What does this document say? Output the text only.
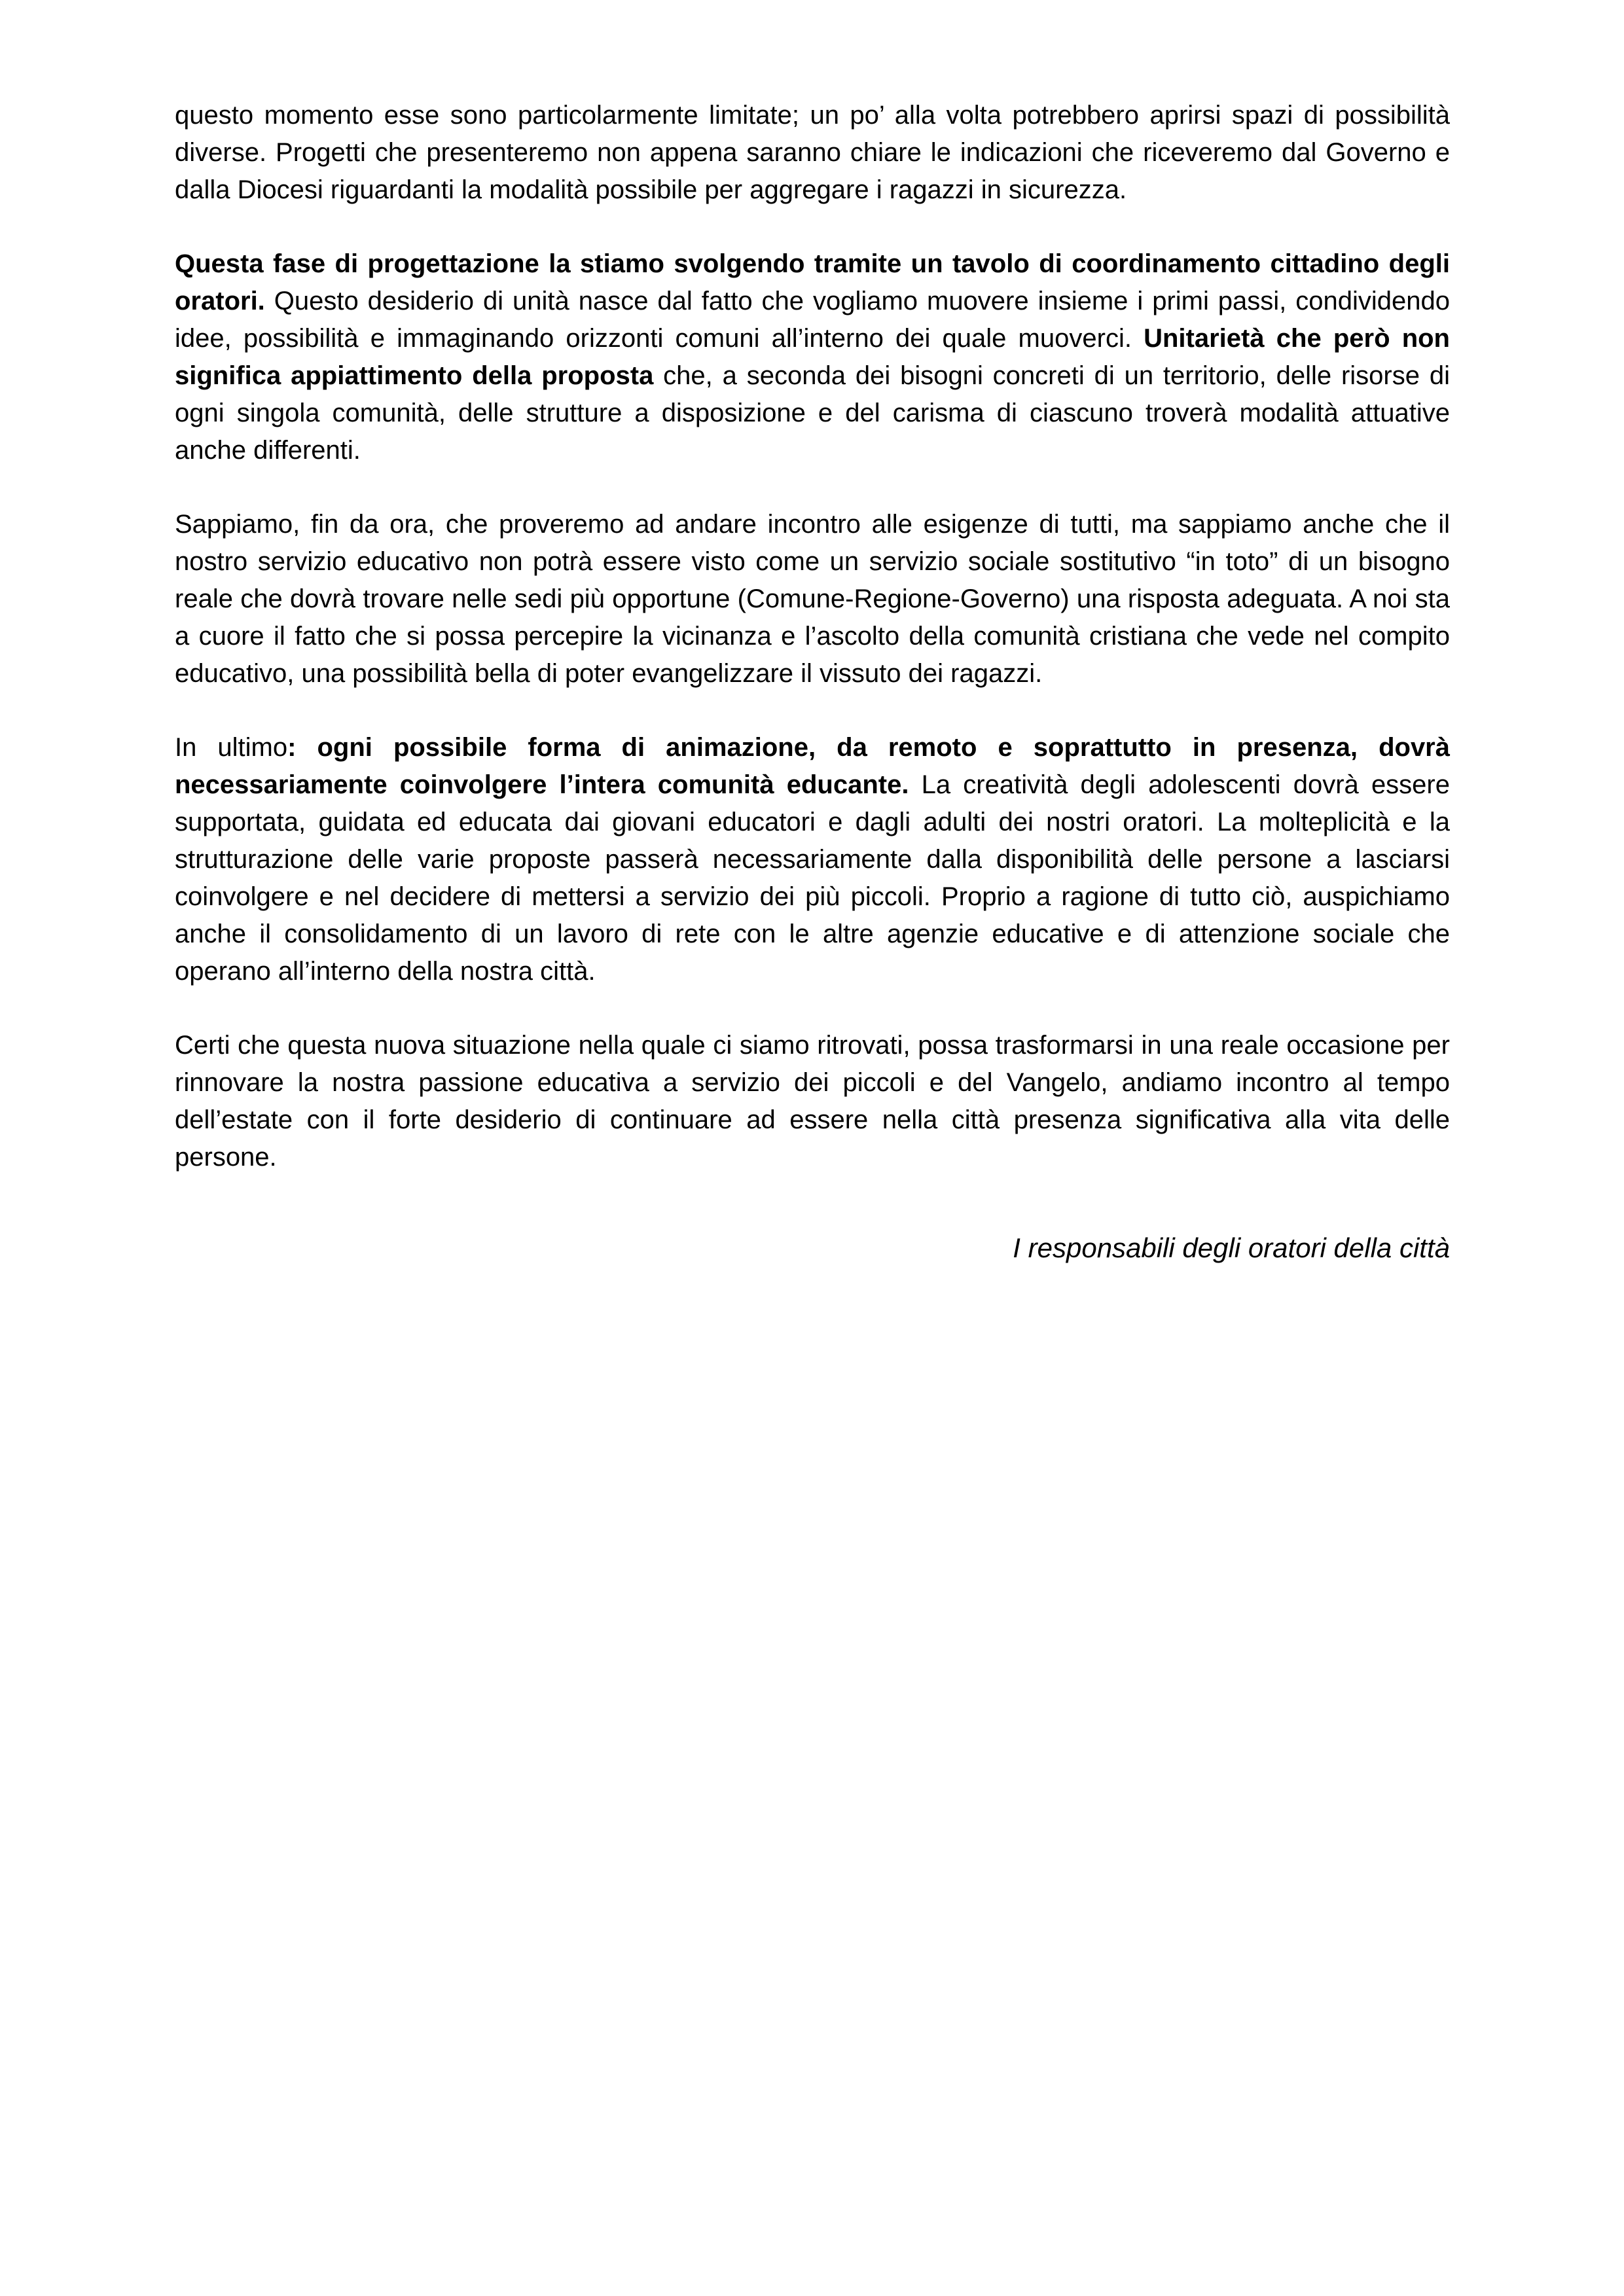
questo momento esse sono particolarmente limitate; un po’ alla volta potrebbero aprirsi spazi di possibilità diverse. Progetti che presenteremo non appena saranno chiare le indicazioni che riceveremo dal Governo e dalla Diocesi riguardanti la modalità possibile per aggregare i ragazzi in sicurezza.

Questa fase di progettazione la stiamo svolgendo tramite un tavolo di coordinamento cittadino degli oratori. Questo desiderio di unità nasce dal fatto che vogliamo muovere insieme i primi passi, condividendo idee, possibilità e immaginando orizzonti comuni all’interno dei quale muoverci. Unitarietà che però non significa appiattimento della proposta che, a seconda dei bisogni concreti di un territorio, delle risorse di ogni singola comunità, delle strutture a disposizione e del carisma di ciascuno troverà modalità attuative anche differenti.

Sappiamo, fin da ora, che proveremo ad andare incontro alle esigenze di tutti, ma sappiamo anche che il nostro servizio educativo non potrà essere visto come un servizio sociale sostitutivo “in toto” di un bisogno reale che dovrà trovare nelle sedi più opportune (Comune-Regione-Governo) una risposta adeguata. A noi sta a cuore il fatto che si possa percepire la vicinanza e l’ascolto della comunità cristiana che vede nel compito educativo, una possibilità bella di poter evangelizzare il vissuto dei ragazzi.

In ultimo: ogni possibile forma di animazione, da remoto e soprattutto in presenza, dovrà necessariamente coinvolgere l’intera comunità educante. La creatività degli adolescenti dovrà essere supportata, guidata ed educata dai giovani educatori e dagli adulti dei nostri oratori. La molteplicità e la strutturazione delle varie proposte passerà necessariamente dalla disponibilità delle persone a lasciarsi coinvolgere e nel decidere di mettersi a servizio dei più piccoli. Proprio a ragione di tutto ciò, auspichiamo anche il consolidamento di un lavoro di rete con le altre agenzie educative e di attenzione sociale che operano all’interno della nostra città.

Certi che questa nuova situazione nella quale ci siamo ritrovati, possa trasformarsi in una reale occasione per rinnovare la nostra passione educativa a servizio dei piccoli e del Vangelo, andiamo incontro al tempo dell’estate con il forte desiderio di continuare ad essere nella città presenza significativa alla vita delle persone.

I responsabili degli oratori della città
